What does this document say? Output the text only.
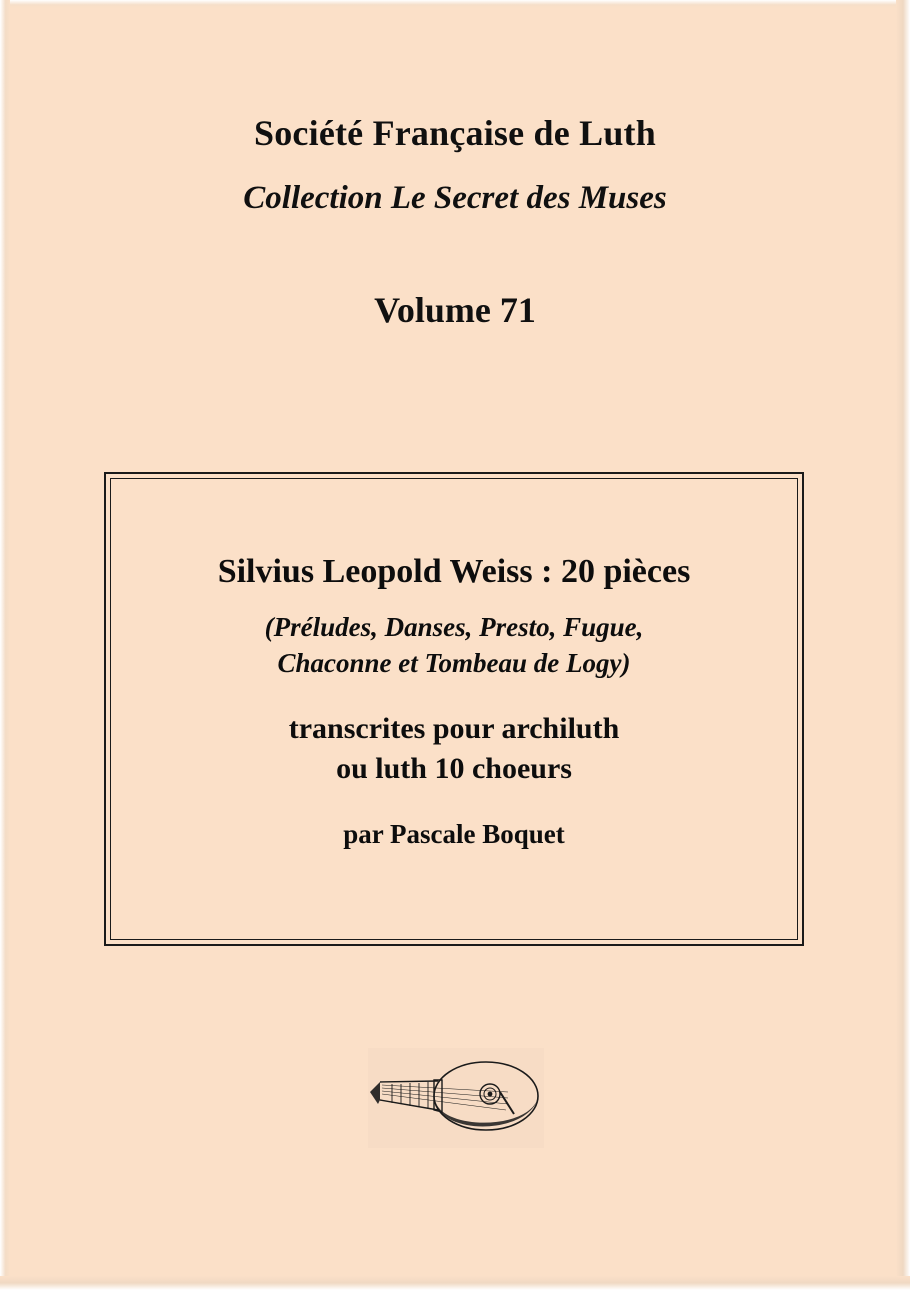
Société Française de Luth
Collection Le Secret des Muses
Volume 71
Silvius Leopold Weiss : 20 pièces
(Préludes, Danses, Presto, Fugue,
Chaconne et Tombeau de Logy)
transcrites pour archiluth
ou luth 10 choeurs
par Pascale Boquet
